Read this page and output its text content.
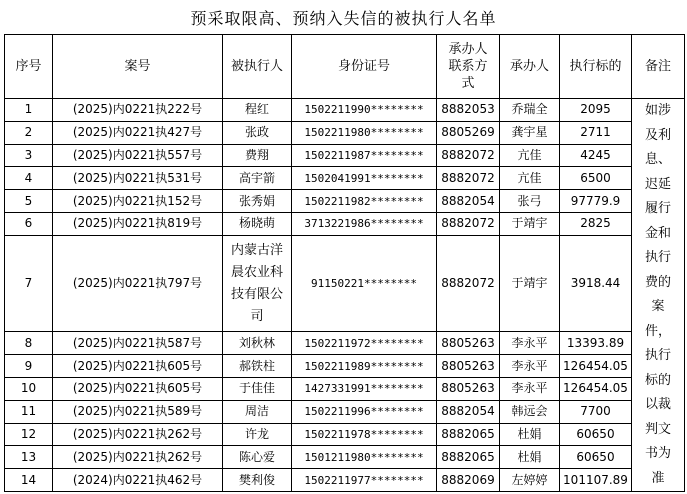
预采取限高、预纳入失信的被执行人名单
序号	案号	被执行人	身份证号	承办人联系方式	承办人	执行标的	备注
1	(2025)内0221执222号	程红	1502211990********	8882053	乔瑞全	2095	如涉及利息、迟延履行金和执行费的案件，执行标的以裁判文书为准

2	(2025)内0221执427号	张政	1502211980********	8805269	龚宇星	2711	
3	(2025)内0221执557号	费翔	1502211987********	8882072	亢佳	4245	
4	(2025)内0221执531号	高宇箭	1502041991********	8882072	亢佳	6500	
5	(2025)内0221执152号	张秀娟	1502211982********	8882054	张弓	97779.9	
6	(2025)内0221执819号	杨晓萌	3713221986********	8882072	于靖宇	2825	
7	(2025)内0221执797号	内蒙古洋晨农业科技有限公司	91150221********	8882072	于靖宇	3918.44	
8	(2025)内0221执587号	刘秋林	1502211972********	8805263	李永平	13393.89	
9	(2025)内0221执605号	郝铁柱	1502211989********	8805263	李永平	126454.05	
10	(2025)内0221执605号	于佳佳	1427331991********	8805263	李永平	126454.05	
11	(2025)内0221执589号	周洁	1502211996********	8882054	韩远会	7700	
12	(2025)内0221执262号	许龙	1502211978********	8882065	杜娟	60650	
13	(2025)内0221执262号	陈心爱	1501211980********	8882065	杜娟	60650	
14	(2024)内0221执462号	樊利俊	1502211977********	8882069	左婷婷	101107.89	
